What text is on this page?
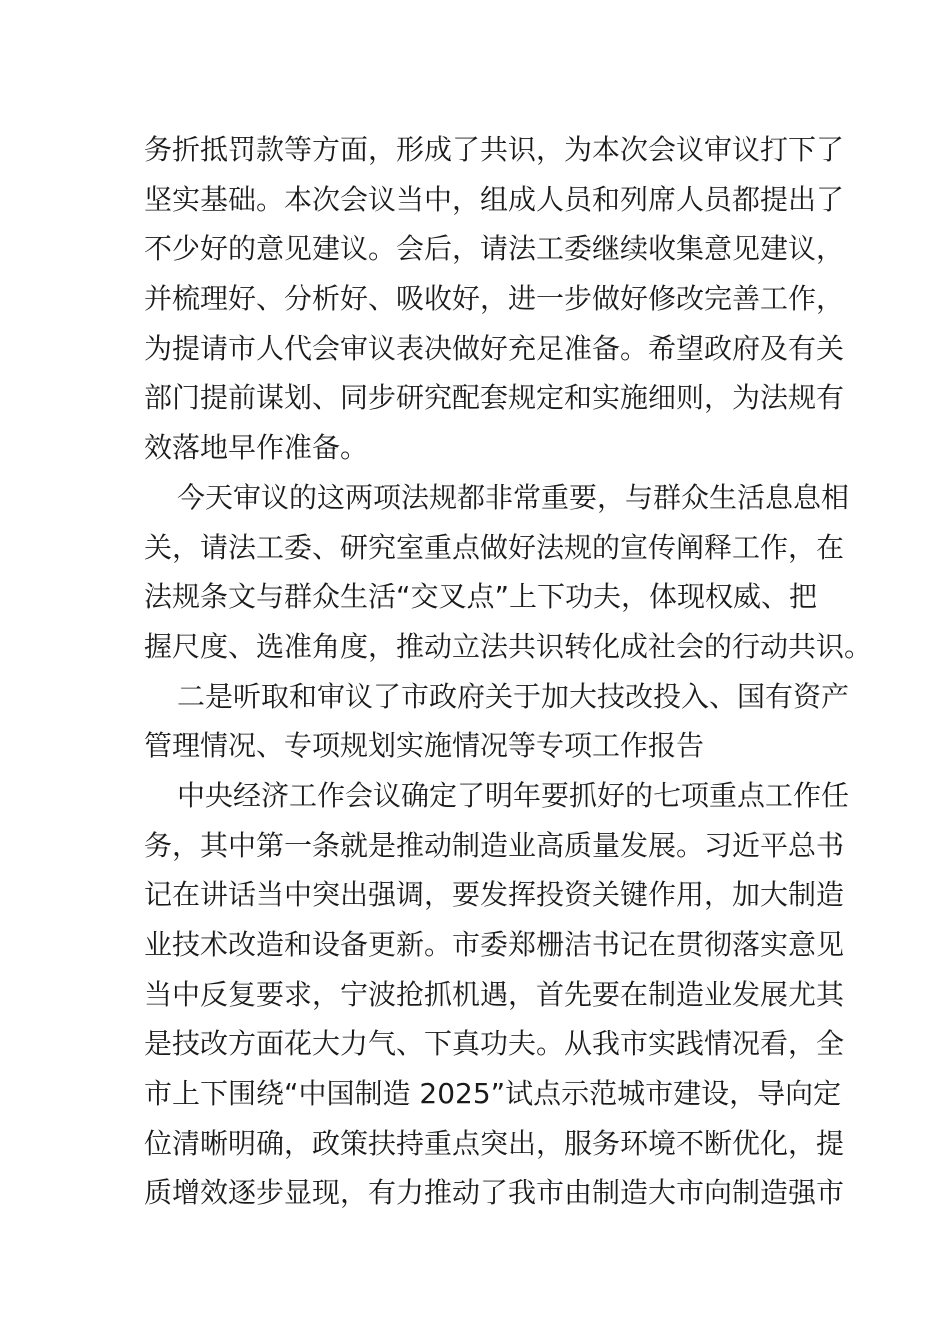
务折抵罚款等方面，形成了共识，为本次会议审议打下了
坚实基础。本次会议当中，组成人员和列席人员都提出了
不少好的意见建议。会后，请法工委继续收集意见建议，
并梳理好、分析好、吸收好，进一步做好修改完善工作，
为提请市人代会审议表决做好充足准备。希望政府及有关
部门提前谋划、同步研究配套规定和实施细则，为法规有
效落地早作准备。
今天审议的这两项法规都非常重要，与群众生活息息相
关，请法工委、研究室重点做好法规的宣传阐释工作，在
法规条文与群众生活“交叉点”上下功夫，体现权威、把
握尺度、选准角度，推动立法共识转化成社会的行动共识。
二是听取和审议了市政府关于加大技改投入、国有资产
管理情况、专项规划实施情况等专项工作报告
中央经济工作会议确定了明年要抓好的七项重点工作任
务，其中第一条就是推动制造业高质量发展。习近平总书
记在讲话当中突出强调，要发挥投资关键作用，加大制造
业技术改造和设备更新。市委郑栅洁书记在贯彻落实意见
当中反复要求，宁波抢抓机遇，首先要在制造业发展尤其
是技改方面花大力气、下真功夫。从我市实践情况看，全
市上下围绕“中国制造 2025”试点示范城市建设，导向定
位清晰明确，政策扶持重点突出，服务环境不断优化，提
质增效逐步显现，有力推动了我市由制造大市向制造强市
